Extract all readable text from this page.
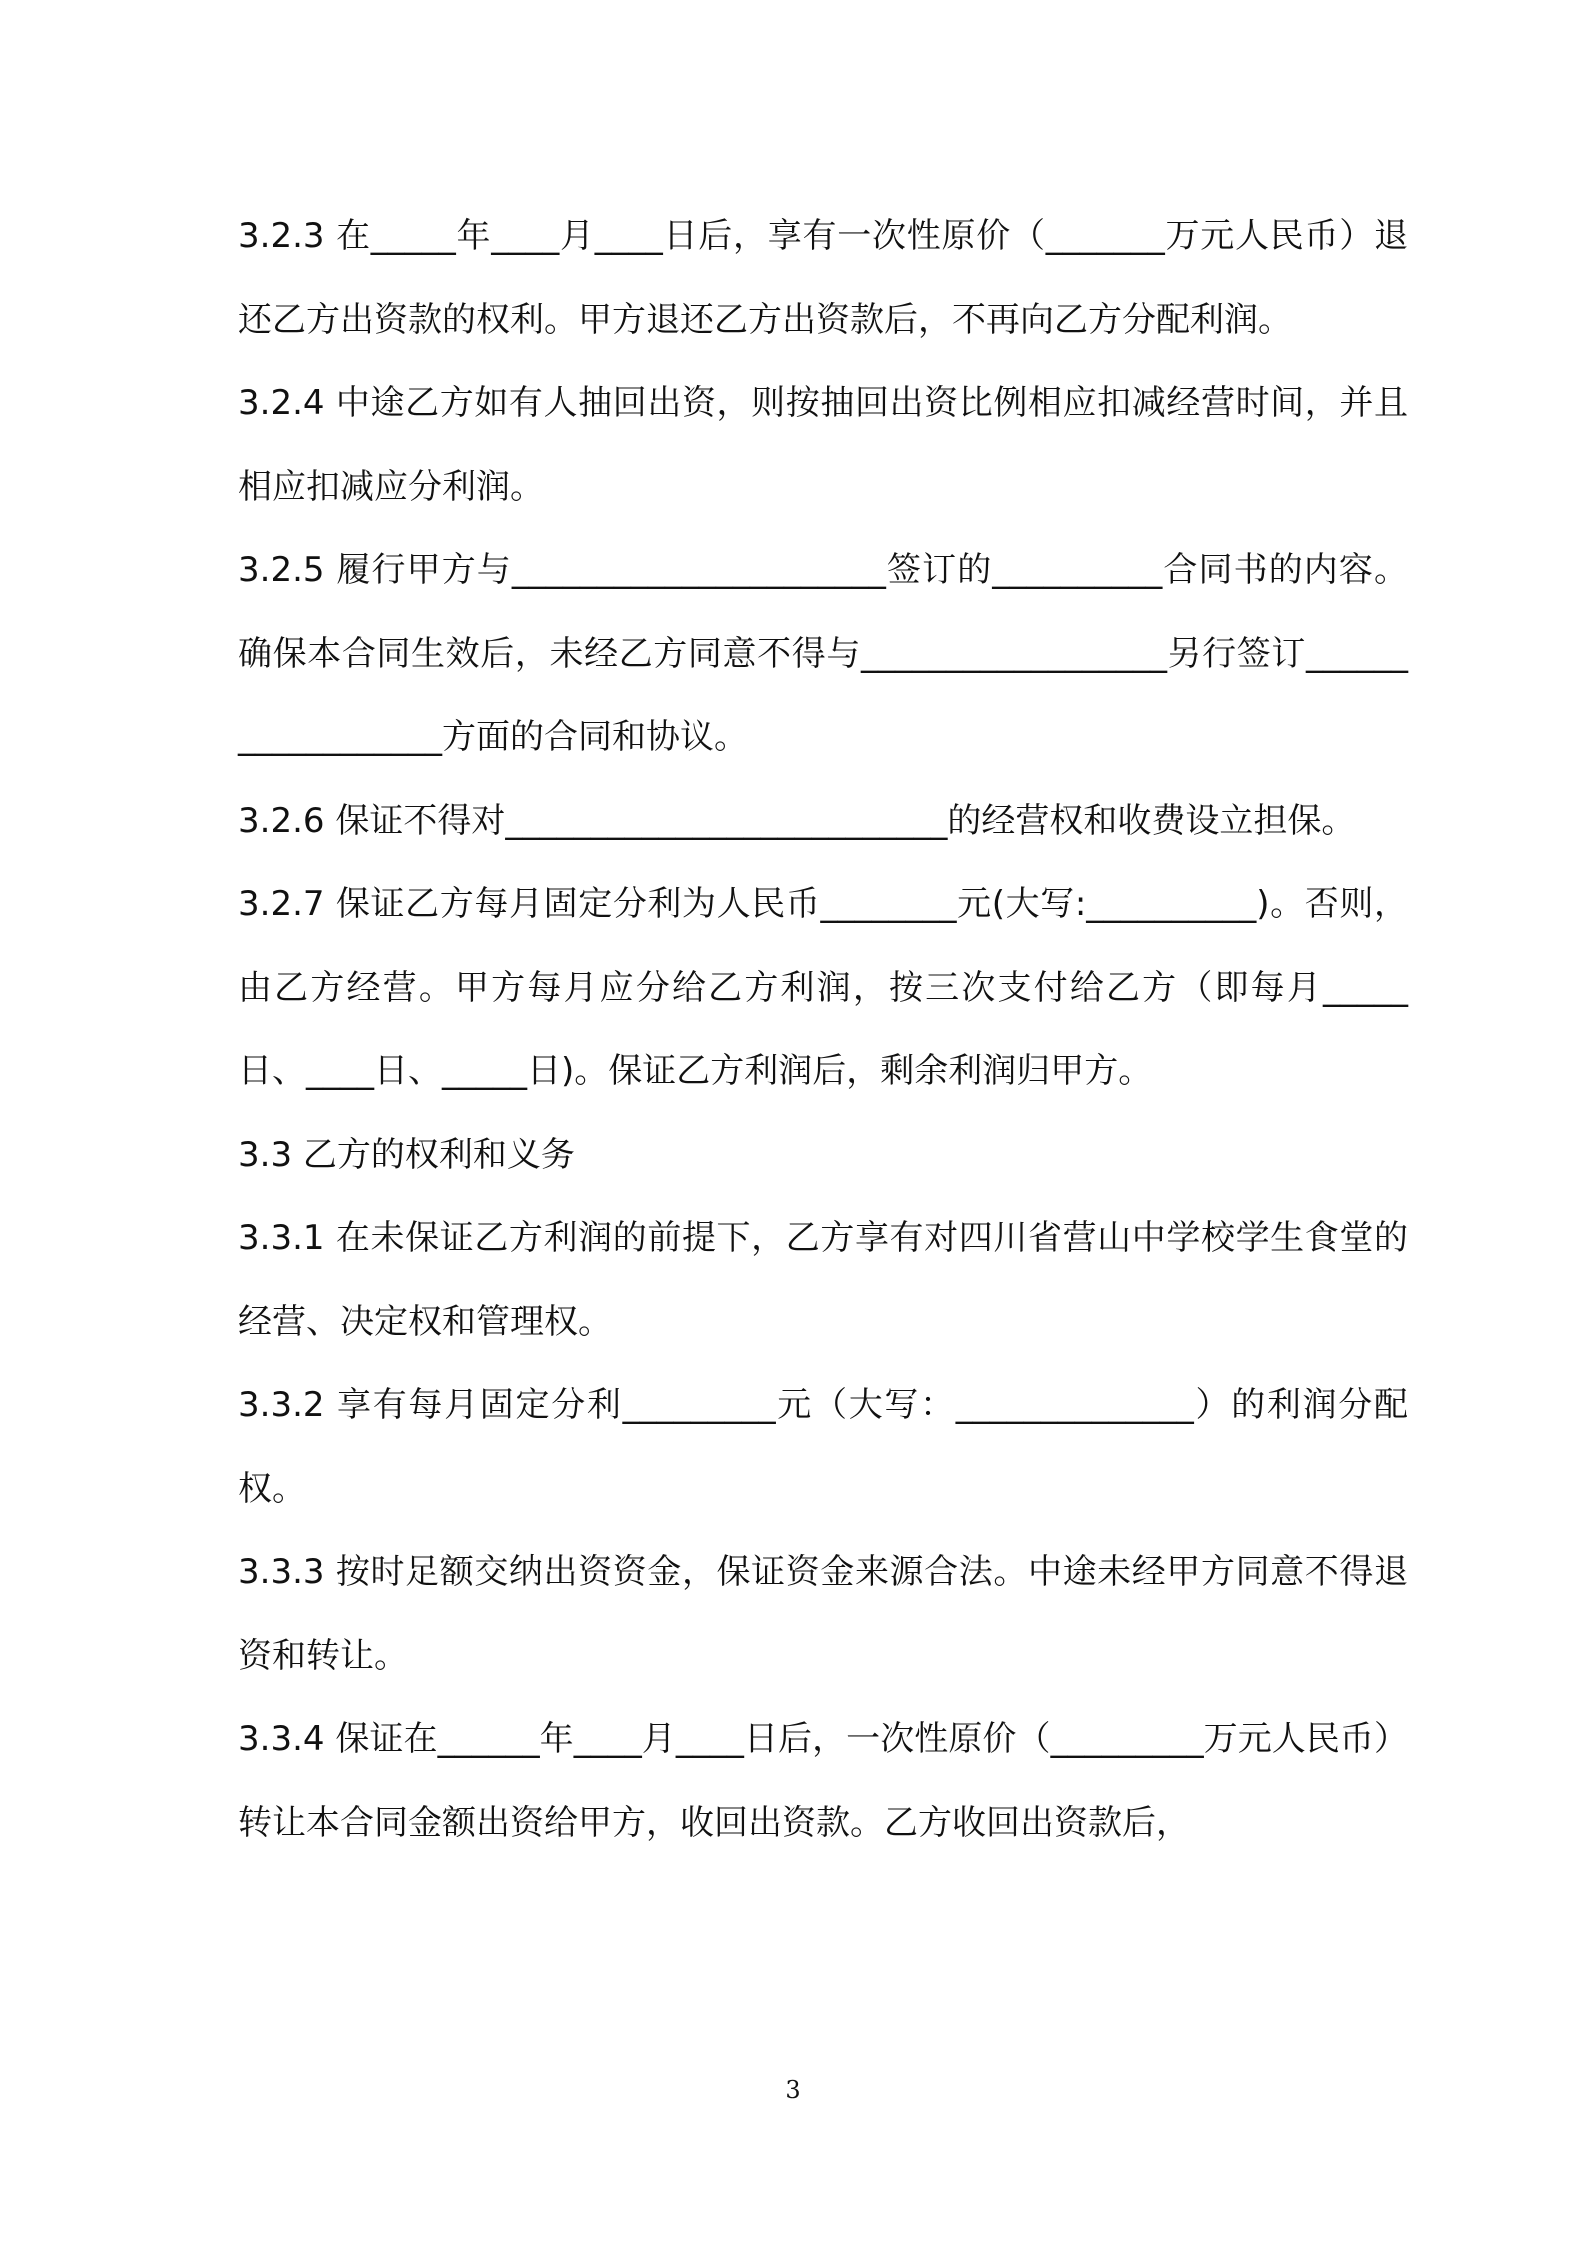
3.2.3 在_____年____月____日后，享有一次性原价（_______万元人民币）退还乙方出资款的权利。甲方退还乙方出资款后，不再向乙方分配利润。

3.2.4 中途乙方如有人抽回出资，则按抽回出资比例相应扣减经营时间，并且相应扣减应分利润。

3.2.5 履行甲方与______________________签订的__________合同书的内容。确保本合同生效后，未经乙方同意不得与__________________另行签订__________________方面的合同和协议。

3.2.6 保证不得对__________________________的经营权和收费设立担保。

3.2.7 保证乙方每月固定分利为人民币________元(大写:__________)。否则，由乙方经营。甲方每月应分给乙方利润，按三次支付给乙方（即每月_____日、____日、_____日)。保证乙方利润后，剩余利润归甲方。

3.3 乙方的权利和义务

3.3.1 在未保证乙方利润的前提下，乙方享有对四川省营山中学校学生食堂的经营、决定权和管理权。

3.3.2 享有每月固定分利_________元（大写：______________）的利润分配权。

3.3.3 按时足额交纳出资资金，保证资金来源合法。中途未经甲方同意不得退资和转让。

3.3.4 保证在______年____月____日后，一次性原价（_________万元人民币）转让本合同金额出资给甲方，收回出资款。乙方收回出资款后，

3
